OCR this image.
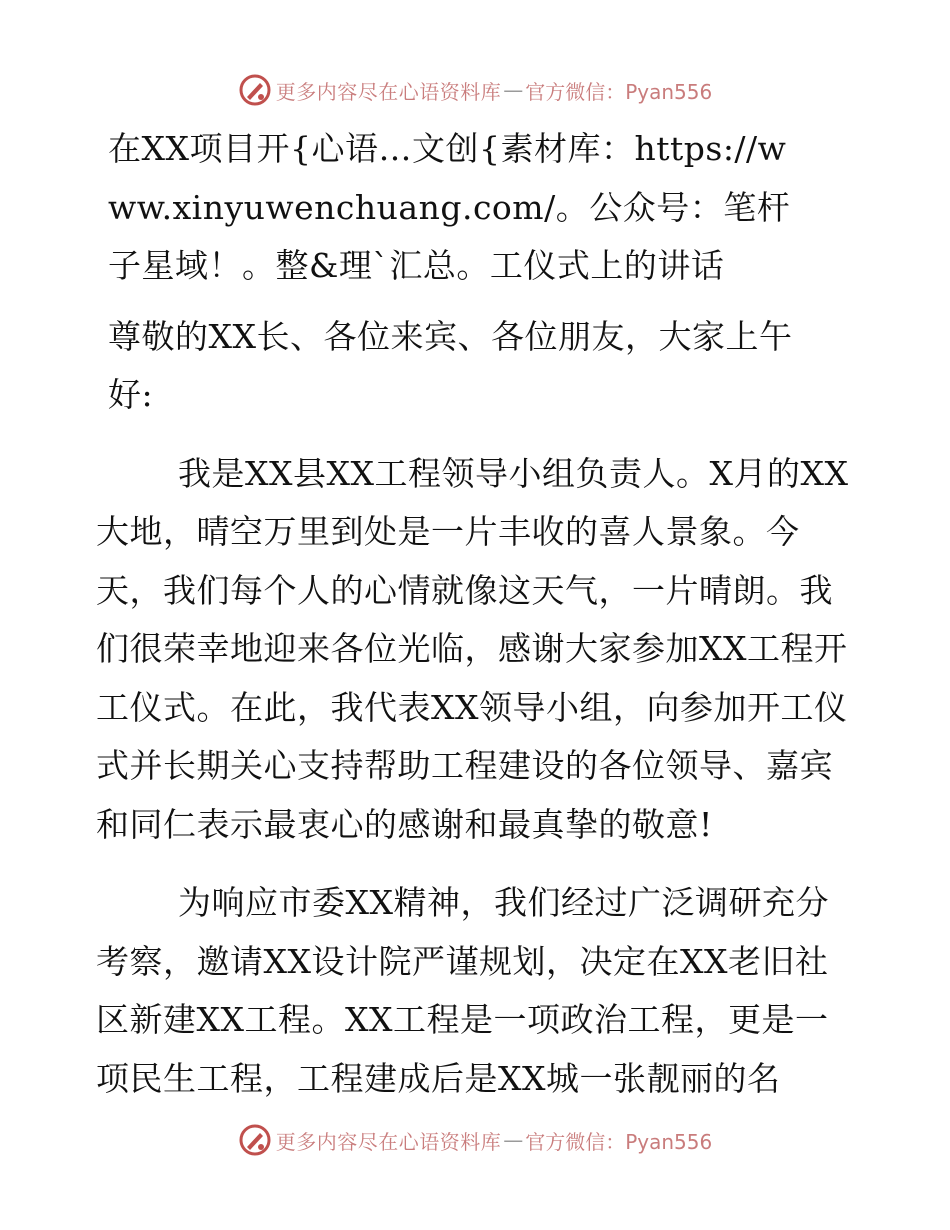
更多内容尽在心语资料库 — 官方微信：Pyan556

在XX项目开{心语…文创{素材库：https://www.xinyuwenchuang.com/。公众号：笔杆子星域！。整&理`汇总。工仪式上的讲话

尊敬的XX长、各位来宾、各位朋友，大家上午好:

我是XX县XX工程领导小组负责人。X月的XX大地，晴空万里到处是一片丰收的喜人景象。今天，我们每个人的心情就像这天气，一片晴朗。我们很荣幸地迎来各位光临，感谢大家参加XX工程开工仪式。在此，我代表XX领导小组，向参加开工仪式并长期关心支持帮助工程建设的各位领导、嘉宾和同仁表示最衷心的感谢和最真挚的敬意!

为响应市委XX精神，我们经过广泛调研充分考察，邀请XX设计院严谨规划，决定在XX老旧社区新建XX工程。XX工程是一项政治工程，更是一项民生工程，工程建成后是XX城一张靓丽的名

更多内容尽在心语资料库 — 官方微信：Pyan556
